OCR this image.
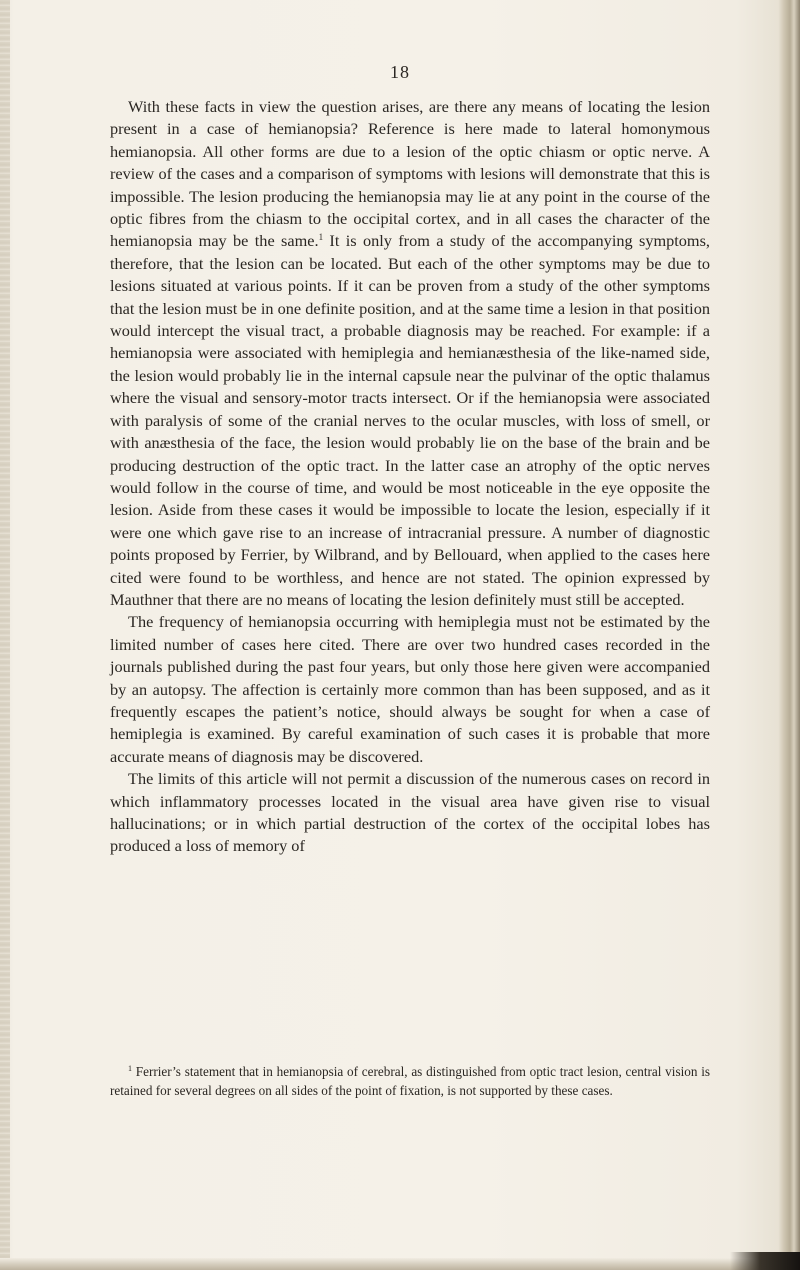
18

With these facts in view the question arises, are there any means of locating the lesion present in a case of hemianopsia? Reference is here made to lateral homonymous hemianopsia. All other forms are due to a lesion of the optic chiasm or optic nerve. A review of the cases and a comparison of symptoms with lesions will demonstrate that this is impossible. The lesion producing the hemianopsia may lie at any point in the course of the optic fibres from the chiasm to the occipital cortex, and in all cases the character of the hemianopsia may be the same.$^1$ It is only from a study of the accompanying symptoms, therefore, that the lesion can be located. But each of the other symptoms may be due to lesions situated at various points. If it can be proven from a study of the other symptoms that the lesion must be in one definite position, and at the same time a lesion in that position would intercept the visual tract, a probable diagnosis may be reached. For example: if a hemianopsia were associated with hemiplegia and hemianæsthesia of the like-named side, the lesion would probably lie in the internal capsule near the pulvinar of the optic thalamus where the visual and sensory-motor tracts intersect. Or if the hemianopsia were associated with paralysis of some of the cranial nerves to the ocular muscles, with loss of smell, or with anæsthesia of the face, the lesion would probably lie on the base of the brain and be producing destruction of the optic tract. In the latter case an atrophy of the optic nerves would follow in the course of time, and would be most noticeable in the eye opposite the lesion. Aside from these cases it would be impossible to locate the lesion, especially if it were one which gave rise to an increase of intracranial pressure. A number of diagnostic points proposed by Ferrier, by Wilbrand, and by Bellouard, when applied to the cases here cited were found to be worthless, and hence are not stated. The opinion expressed by Mauthner that there are no means of locating the lesion definitely must still be accepted.

The frequency of hemianopsia occurring with hemiplegia must not be estimated by the limited number of cases here cited. There are over two hundred cases recorded in the journals published during the past four years, but only those here given were accompanied by an autopsy. The affection is certainly more common than has been supposed, and as it frequently escapes the patient’s notice, should always be sought for when a case of hemiplegia is examined. By careful examination of such cases it is probable that more accurate means of diagnosis may be discovered.

The limits of this article will not permit a discussion of the numerous cases on record in which inflammatory processes located in the visual area have given rise to visual hallucinations; or in which partial destruction of the cortex of the occipital lobes has produced a loss of memory of

$^1$ Ferrier’s statement that in hemianopsia of cerebral, as distinguished from optic tract lesion, central vision is retained for several degrees on all sides of the point of fixation, is not supported by these cases.
